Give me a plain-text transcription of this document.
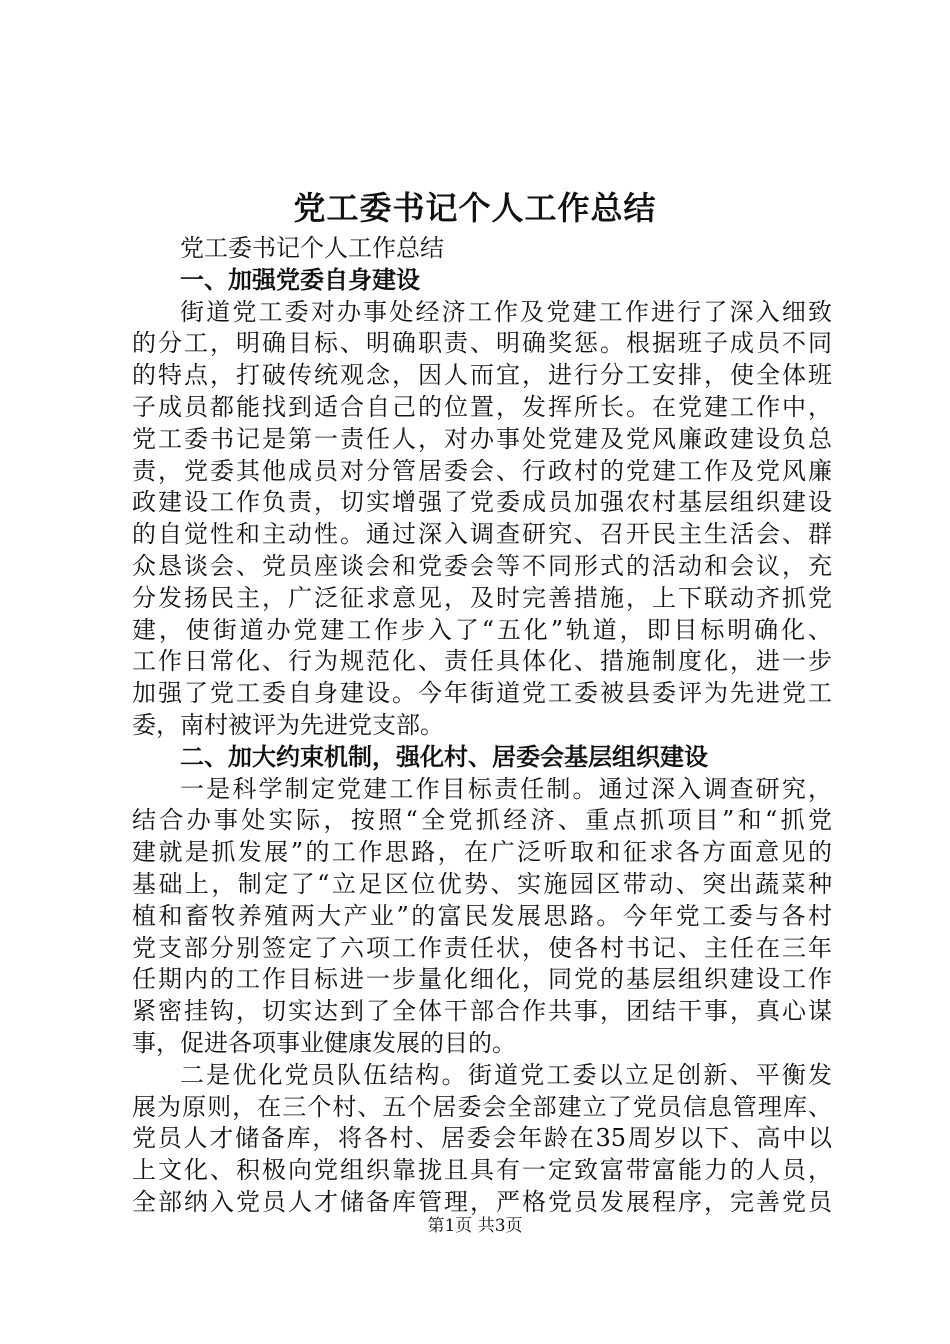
党工委书记个人工作总结

党工委书记个人工作总结

一、加强党委自身建设

街道党工委对办事处经济工作及党建工作进行了深入细致

的分工，明确目标、明确职责、明确奖惩。根据班子成员不同

的特点，打破传统观念，因人而宜，进行分工安排，使全体班

子成员都能找到适合自己的位置，发挥所长。在党建工作中，

党工委书记是第一责任人，对办事处党建及党风廉政建设负总

责，党委其他成员对分管居委会、行政村的党建工作及党风廉

政建设工作负责，切实增强了党委成员加强农村基层组织建设

的自觉性和主动性。通过深入调查研究、召开民主生活会、群

众恳谈会、党员座谈会和党委会等不同形式的活动和会议，充

分发扬民主，广泛征求意见，及时完善措施，上下联动齐抓党

建，使街道办党建工作步入了“五化”轨道，即目标明确化、

工作日常化、行为规范化、责任具体化、措施制度化，进一步

加强了党工委自身建设。今年街道党工委被县委评为先进党工

委，南村被评为先进党支部。

二、加大约束机制，强化村、居委会基层组织建设

一是科学制定党建工作目标责任制。通过深入调查研究，

结合办事处实际，按照“全党抓经济、重点抓项目”和“抓党

建就是抓发展”的工作思路，在广泛听取和征求各方面意见的

基础上，制定了“立足区位优势、实施园区带动、突出蔬菜种

植和畜牧养殖两大产业”的富民发展思路。今年党工委与各村

党支部分别签定了六项工作责任状，使各村书记、主任在三年

任期内的工作目标进一步量化细化，同党的基层组织建设工作

紧密挂钩，切实达到了全体干部合作共事，团结干事，真心谋

事，促进各项事业健康发展的目的。

二是优化党员队伍结构。街道党工委以立足创新、平衡发

展为原则，在三个村、五个居委会全部建立了党员信息管理库、

党员人才储备库，将各村、居委会年龄在35周岁以下、高中以

上文化、积极向党组织靠拢且具有一定致富带富能力的人员，

全部纳入党员人才储备库管理，严格党员发展程序，完善党员

第1页 共3页
